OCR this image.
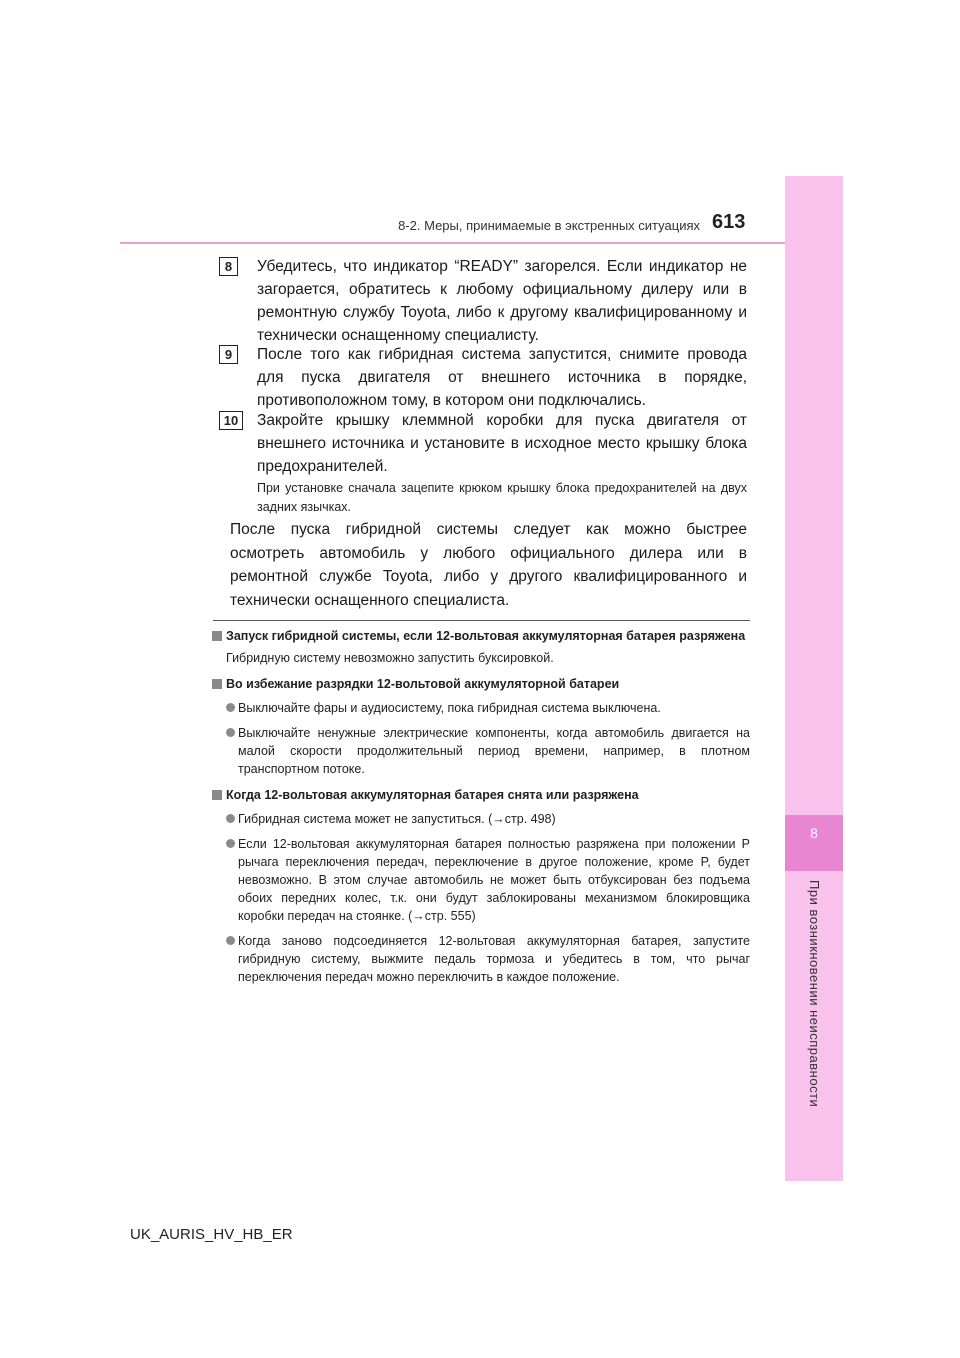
8-2. Меры, принимаемые в экстренных ситуациях 613
8
При возникновении неисправности
8	Убедитесь, что индикатор “READY” загорелся. Если индикатор не загорается, обратитесь к любому официальному дилеру или в ремонтную службу Toyota, либо к другому квалифицированному и технически оснащенному специалисту.
9	После того как гибридная система запустится, снимите провода для пуска двигателя от внешнего источника в порядке, противоположном тому, в котором они подключались.
10	Закройте крышку клеммной коробки для пуска двигателя от внешнего источника и установите в исходное место крышку блока предохранителей.
При установке сначала зацепите крюком крышку блока предохранителей на двух задних язычках.
После пуска гибридной системы следует как можно быстрее осмотреть автомобиль у любого официального дилера или в ремонтной службе Toyota, либо у другого квалифицированного и технически оснащенного специалиста.
Запуск гибридной системы, если 12-вольтовая аккумуляторная батарея разряжена
Гибридную систему невозможно запустить буксировкой.
Во избежание разрядки 12-вольтовой аккумуляторной батареи
Выключайте фары и аудиосистему, пока гибридная система выключена.
Выключайте ненужные электрические компоненты, когда автомобиль двигается на малой скорости продолжительный период времени, например, в плотном транспортном потоке.
Когда 12-вольтовая аккумуляторная батарея снята или разряжена
Гибридная система может не запуститься. (→стр. 498)
Если 12-вольтовая аккумуляторная батарея полностью разряжена при положении P рычага переключения передач, переключение в другое положение, кроме P, будет невозможно. В этом случае автомобиль не может быть отбуксирован без подъема обоих передних колес, т.к. они будут заблокированы механизмом блокировщика коробки передач на стоянке. (→стр. 555)
Когда заново подсоединяется 12-вольтовая аккумуляторная батарея, запустите гибридную систему, выжмите педаль тормоза и убедитесь в том, что рычаг переключения передач можно переключить в каждое положение.
UK_AURIS_HV_HB_ER
